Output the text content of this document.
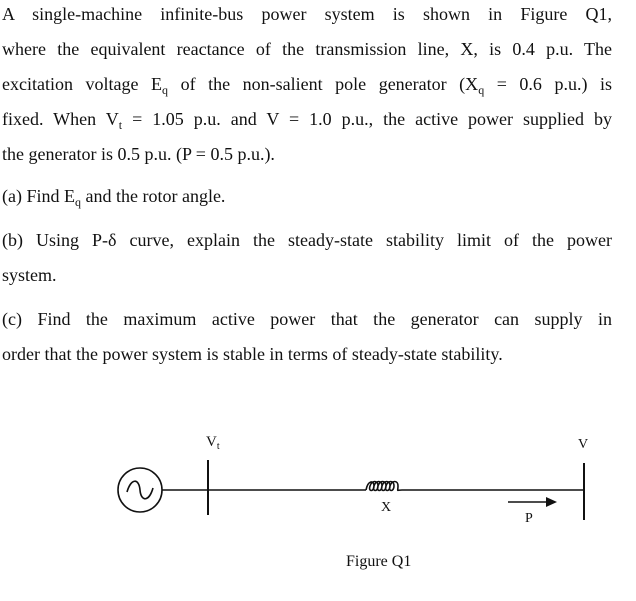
A single-machine infinite-bus power system is shown in Figure Q1,
where the equivalent reactance of the transmission line, X, is 0.4 p.u. The
excitation voltage $E_q$ of the non-salient pole generator ($X_q = 0.6$ p.u.) is
fixed. When $V_t = 1.05$ p.u. and V = 1.0 p.u., the active power supplied by
the generator is 0.5 p.u. (P = 0.5 p.u.).
(a) Find $E_q$ and the rotor angle.
(b) Using P-δ curve, explain the steady-state stability limit of the power
system.
(c) Find the maximum active power that the generator can supply in
order that the power system is stable in terms of steady-state stability.
$V_t$	V
X
P
Figure Q1
